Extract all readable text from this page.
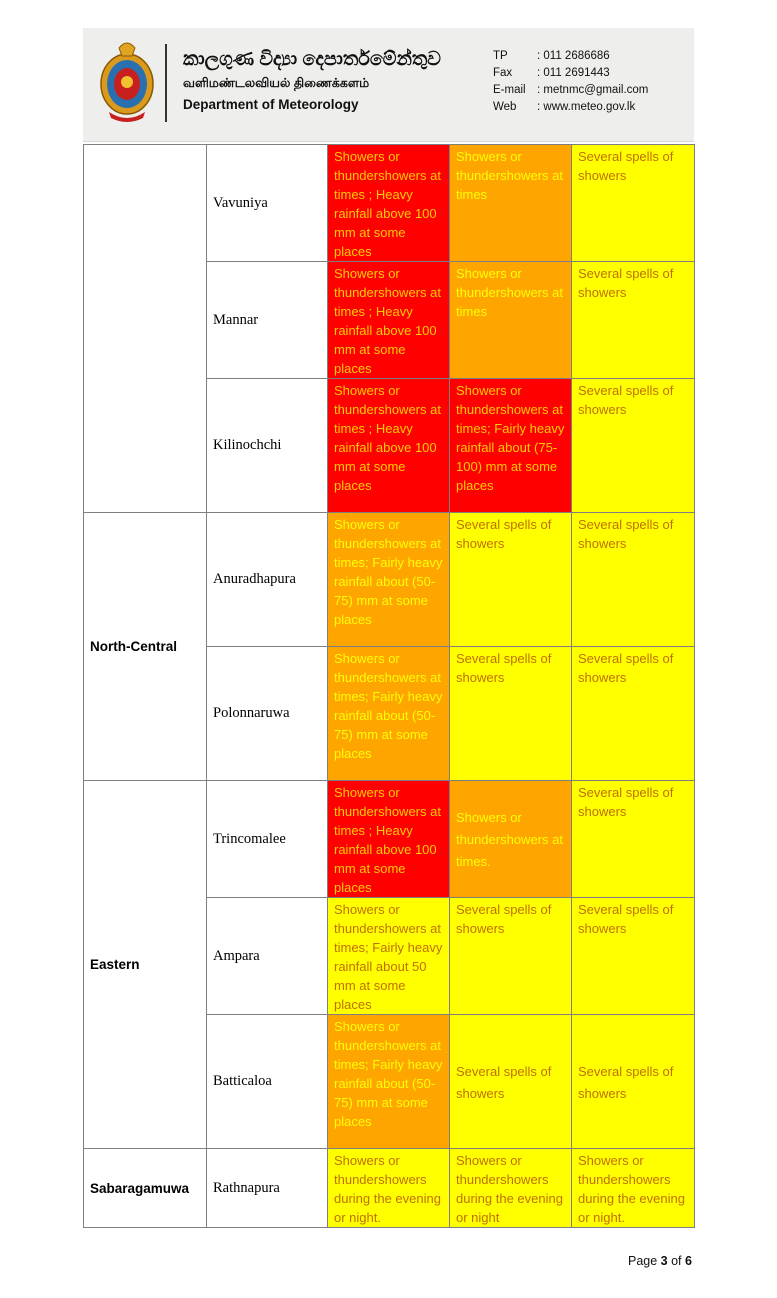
කාලගුණ විද්‍යා දෙපාර්තමේන්තුව
வளிமண்டலவியல் திணைக்களம்
Department of Meteorology
TP	: 011 2686686
Fax	: 011 2691443
E-mail : metnmc@gmail.com
Web	: www.meteo.gov.lk
	Vavuniya	Showers or thundershowers at times ; Heavy rainfall above 100 mm at some places	Showers or thundershowers at times	Several spells of showers
	Mannar	Showers or thundershowers at times ; Heavy rainfall above 100 mm at some places	Showers or thundershowers at times	Several spells of showers
	Kilinochchi	Showers or thundershowers at times ; Heavy rainfall above 100 mm at some places	Showers or thundershowers at times; Fairly heavy rainfall about (75- 100) mm at some places	Several spells of showers
North-Central	Anuradhapura	Showers or thundershowers at times; Fairly heavy rainfall about (50- 75) mm at some places	Several spells of showers	Several spells of showers
	Polonnaruwa	Showers or thundershowers at times; Fairly heavy rainfall about (50- 75) mm at some places	Several spells of showers	Several spells of showers
Eastern	Trincomalee	Showers or thundershowers at times ; Heavy rainfall above 100 mm at some places	Showers or thundershowers at times.	Several spells of showers
	Ampara	Showers or thundershowers at times; Fairly heavy rainfall about 50 mm at some places	Several spells of showers	Several spells of showers
	Batticaloa	Showers or thundershowers at times; Fairly heavy rainfall about (50- 75) mm at some places	Several spells of showers	Several spells of showers
Sabaragamuwa	Rathnapura	Showers or thundershowers during the evening or night.	Showers or thundershowers during the evening or night	Showers or thundershowers during the evening or night.
Page 3 of 6
